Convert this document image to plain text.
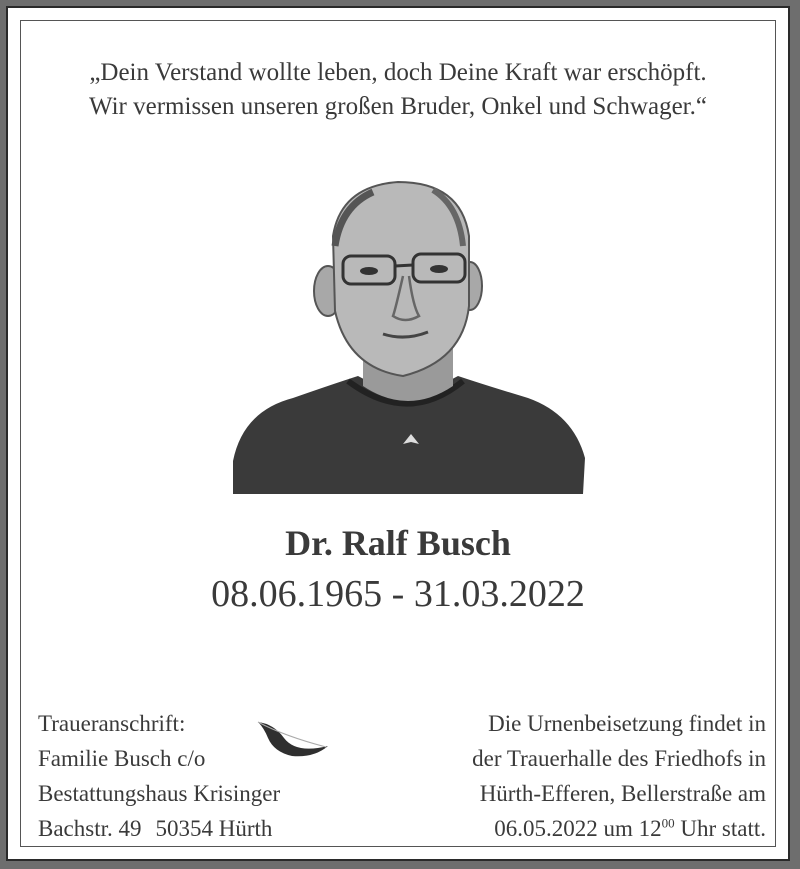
„Dein Verstand wollte leben, doch Deine Kraft war erschöpft.
Wir vermissen unseren großen Bruder, Onkel und Schwager.“
Dr. Ralf Busch
08.06.1965 - 31.03.2022
Traueranschrift:
Familie Busch c/o
Bestattungshaus Krisinger
Bachstr. 49 50354 Hürth
Die Urnenbeisetzung findet in
der Trauerhalle des Friedhofs in
Hürth-Efferen, Bellerstraße am
06.05.2022 um $12^{00}$ Uhr statt.
